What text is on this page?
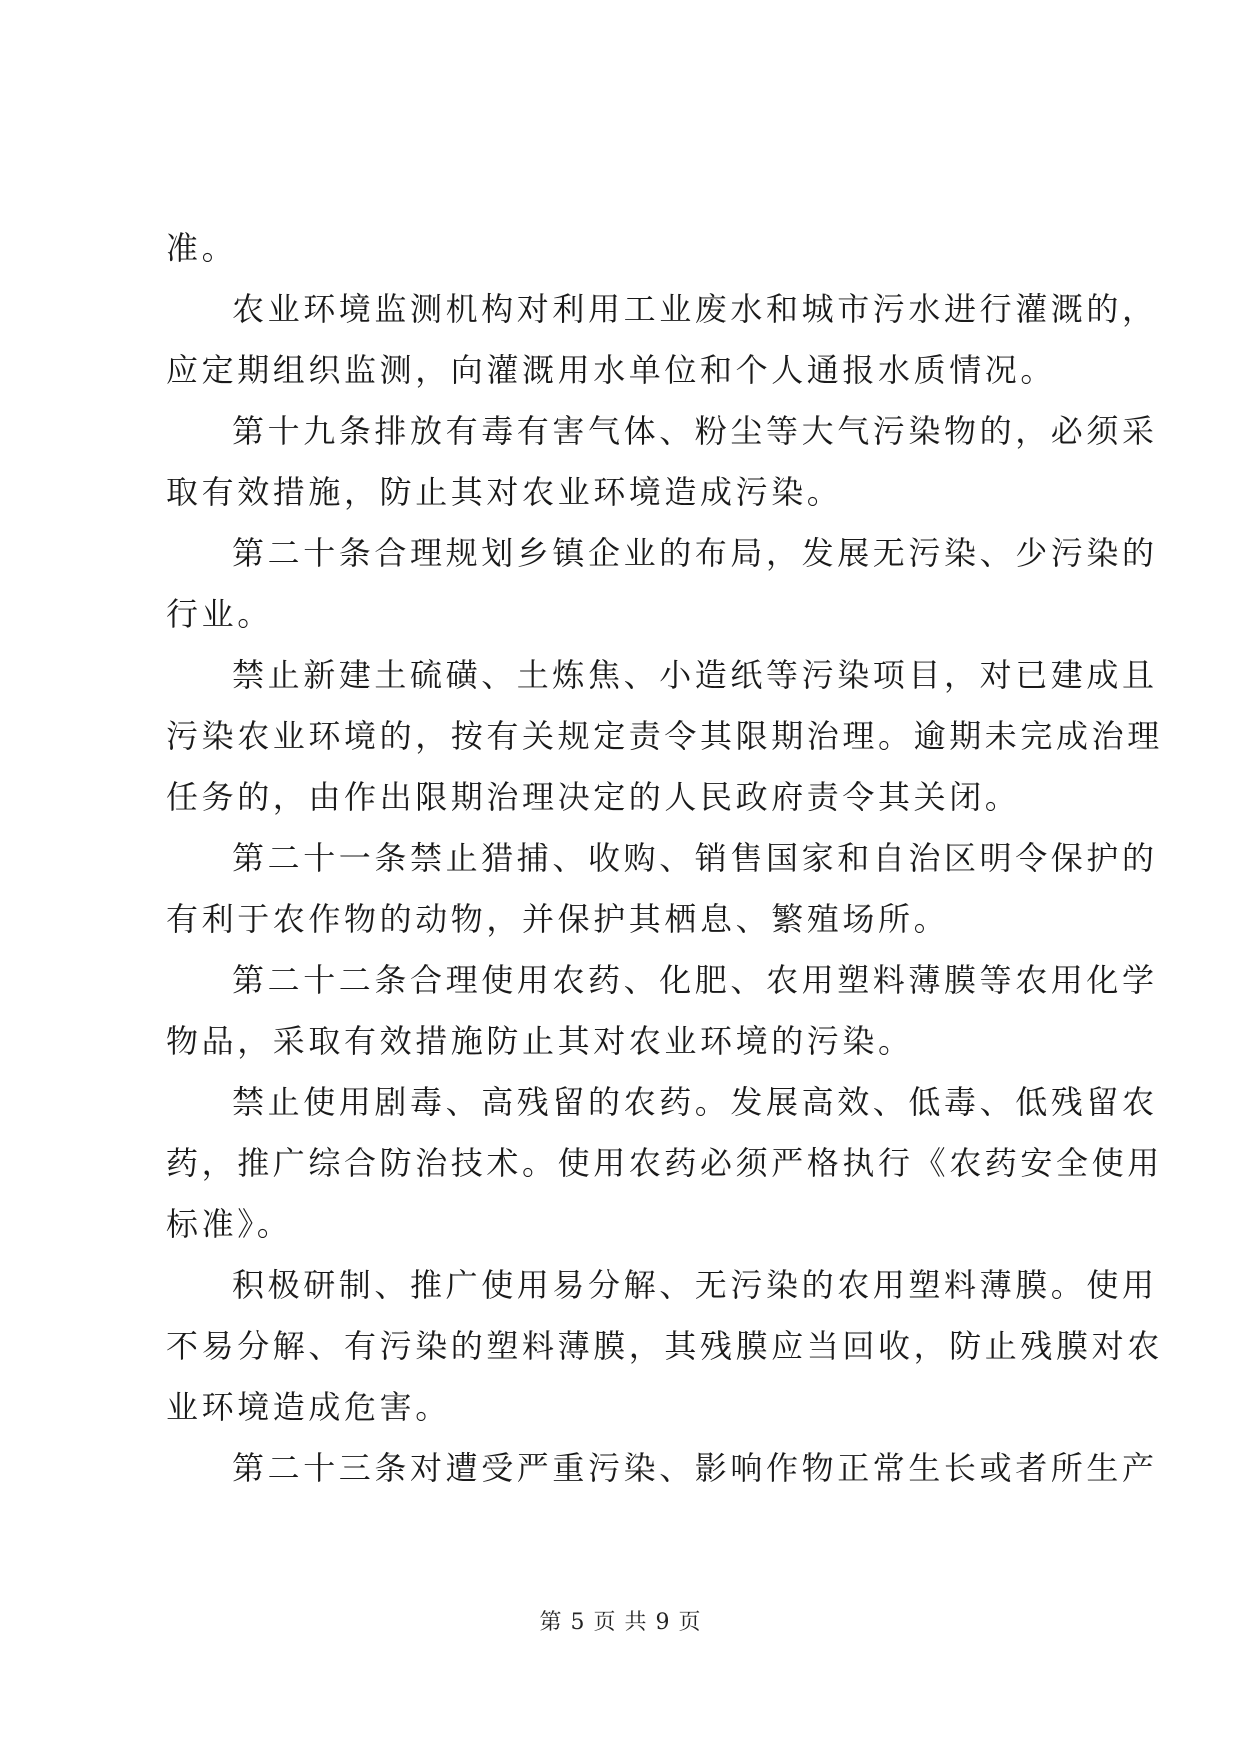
准。

农业环境监测机构对利用工业废水和城市污水进行灌溉的，

应定期组织监测，向灌溉用水单位和个人通报水质情况。

第十九条排放有毒有害气体、粉尘等大气污染物的，必须采

取有效措施，防止其对农业环境造成污染。

第二十条合理规划乡镇企业的布局，发展无污染、少污染的

行业。

禁止新建土硫磺、土炼焦、小造纸等污染项目，对已建成且

污染农业环境的，按有关规定责令其限期治理。逾期未完成治理

任务的，由作出限期治理决定的人民政府责令其关闭。

第二十一条禁止猎捕、收购、销售国家和自治区明令保护的

有利于农作物的动物，并保护其栖息、繁殖场所。

第二十二条合理使用农药、化肥、农用塑料薄膜等农用化学

物品，采取有效措施防止其对农业环境的污染。

禁止使用剧毒、高残留的农药。发展高效、低毒、低残留农

药，推广综合防治技术。使用农药必须严格执行《农药安全使用

标准》。

积极研制、推广使用易分解、无污染的农用塑料薄膜。使用

不易分解、有污染的塑料薄膜，其残膜应当回收，防止残膜对农

业环境造成危害。

第二十三条对遭受严重污染、影响作物正常生长或者所生产

第 5 页 共 9 页
